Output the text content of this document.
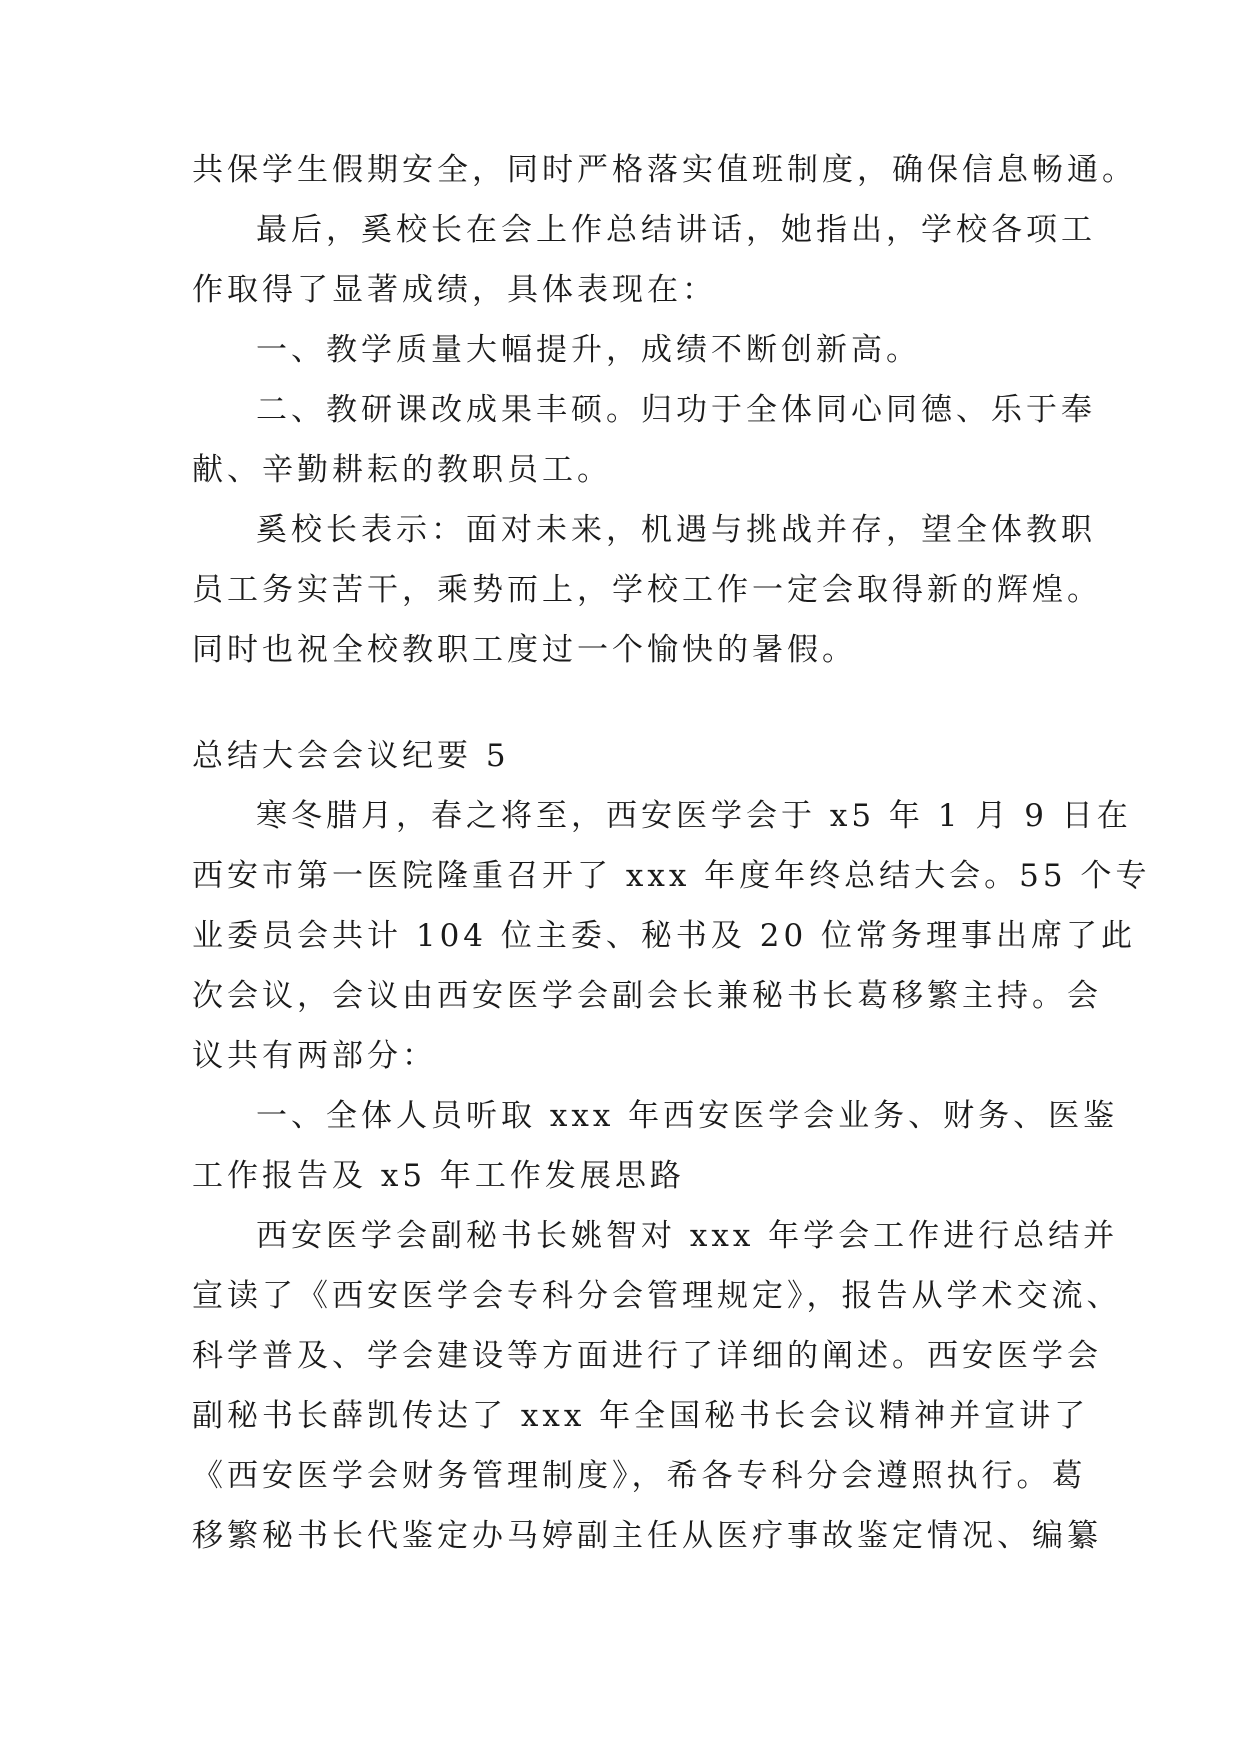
共保学生假期安全，同时严格落实值班制度，确保信息畅通。
最后，奚校长在会上作总结讲话，她指出，学校各项工
作取得了显著成绩，具体表现在：
一、教学质量大幅提升，成绩不断创新高。
二、教研课改成果丰硕。归功于全体同心同德、乐于奉
献、辛勤耕耘的教职员工。
奚校长表示：面对未来，机遇与挑战并存，望全体教职
员工务实苦干，乘势而上，学校工作一定会取得新的辉煌。
同时也祝全校教职工度过一个愉快的暑假。
总结大会会议纪要 5
寒冬腊月，春之将至，西安医学会于 x5 年 1 月 9 日在
西安市第一医院隆重召开了 xxx 年度年终总结大会。55 个专
业委员会共计 104 位主委、秘书及 20 位常务理事出席了此
次会议，会议由西安医学会副会长兼秘书长葛移繁主持。会
议共有两部分：
一、全体人员听取 xxx 年西安医学会业务、财务、医鉴
工作报告及 x5 年工作发展思路
西安医学会副秘书长姚智对 xxx 年学会工作进行总结并
宣读了《西安医学会专科分会管理规定》，报告从学术交流、
科学普及、学会建设等方面进行了详细的阐述。西安医学会
副秘书长薛凯传达了 xxx 年全国秘书长会议精神并宣讲了
《西安医学会财务管理制度》，希各专科分会遵照执行。葛
移繁秘书长代鉴定办马婷副主任从医疗事故鉴定情况、编纂
